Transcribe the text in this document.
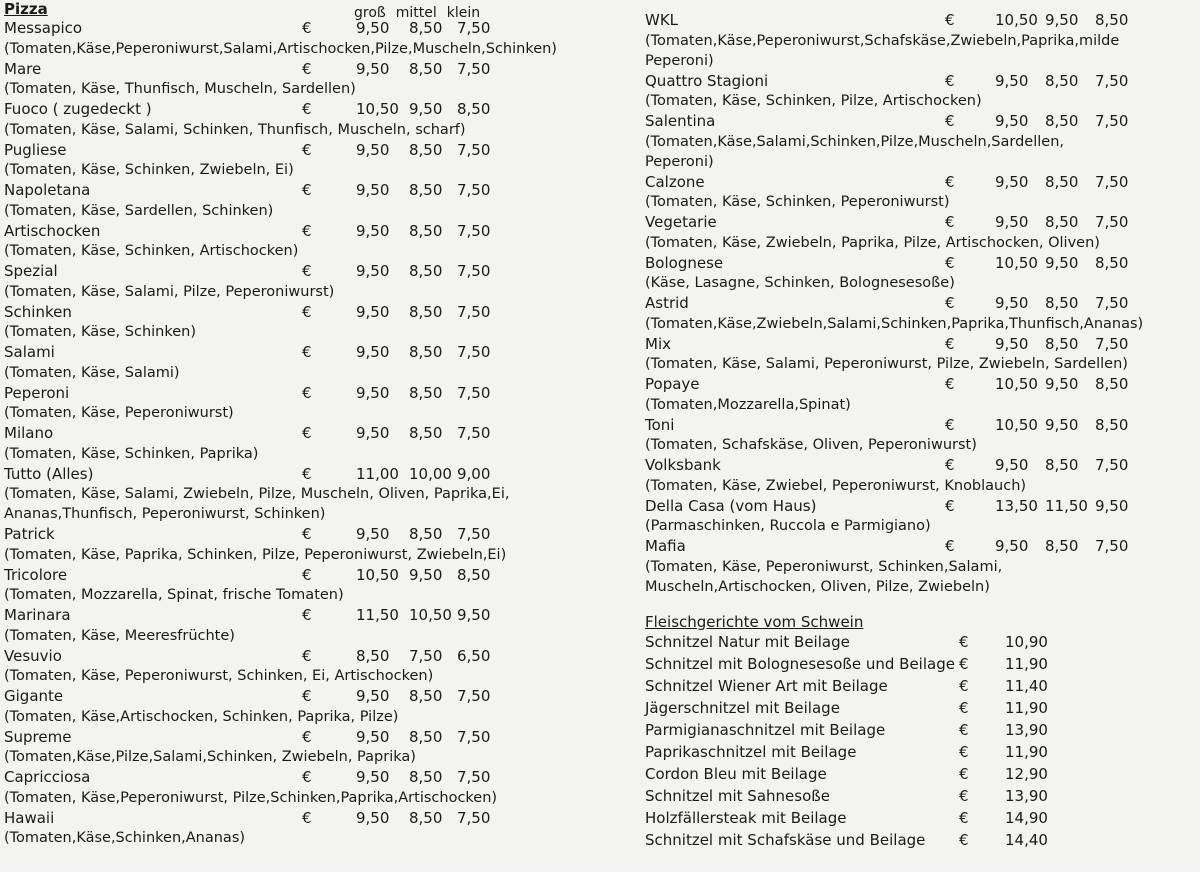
Pizza	groß mittel klein
Messapico	€	9,50 8,50 7,50
(Tomaten,Käse,Peperoniwurst,Salami,Artischocken,Pilze,Muscheln,Schinken)
Mare	€	9,50 8,50 7,50
(Tomaten, Käse, Thunfisch, Muscheln, Sardellen)
Fuoco ( zugedeckt )	€	10,50 9,50 8,50
(Tomaten, Käse, Salami, Schinken, Thunfisch, Muscheln, scharf)
Pugliese	€	9,50 8,50 7,50
(Tomaten, Käse, Schinken, Zwiebeln, Ei)
Napoletana	€	9,50 8,50 7,50
(Tomaten, Käse, Sardellen, Schinken)
Artischocken	€	9,50 8,50 7,50
(Tomaten, Käse, Schinken, Artischocken)
Spezial	€	9,50 8,50 7,50
(Tomaten, Käse, Salami, Pilze, Peperoniwurst)
Schinken	€	9,50 8,50 7,50
(Tomaten, Käse, Schinken)
Salami	€	9,50 8,50 7,50
(Tomaten, Käse, Salami)
Peperoni	€	9,50 8,50 7,50
(Tomaten, Käse, Peperoniwurst)
Milano	€	9,50 8,50 7,50
(Tomaten, Käse, Schinken, Paprika)
Tutto (Alles)	€	11,00 10,00 9,00
(Tomaten, Käse, Salami, Zwiebeln, Pilze, Muscheln, Oliven, Paprika,Ei,
Ananas,Thunfisch, Peperoniwurst, Schinken)
Patrick	€	9,50 8,50 7,50
(Tomaten, Käse, Paprika, Schinken, Pilze, Peperoniwurst, Zwiebeln,Ei)
Tricolore	€	10,50 9,50 8,50
(Tomaten, Mozzarella, Spinat, frische Tomaten)
Marinara	€	11,50 10,50 9,50
(Tomaten, Käse, Meeresfrüchte)
Vesuvio	€	8,50 7,50 6,50
(Tomaten, Käse, Peperoniwurst, Schinken, Ei, Artischocken)
Gigante	€	9,50 8,50 7,50
(Tomaten, Käse,Artischocken, Schinken, Paprika, Pilze)
Supreme	€	9,50 8,50 7,50
(Tomaten,Käse,Pilze,Salami,Schinken, Zwiebeln, Paprika)
Capricciosa	€	9,50 8,50 7,50
(Tomaten, Käse,Peperoniwurst, Pilze,Schinken,Paprika,Artischocken)
Hawaii	€	9,50 8,50 7,50
(Tomaten,Käse,Schinken,Ananas)
WKL	€	10,50 9,50 8,50
(Tomaten,Käse,Peperoniwurst,Schafskäse,Zwiebeln,Paprika,milde
Peperoni)
Quattro Stagioni	€	9,50 8,50 7,50
(Tomaten, Käse, Schinken, Pilze, Artischocken)
Salentina	€	9,50 8,50 7,50
(Tomaten,Käse,Salami,Schinken,Pilze,Muscheln,Sardellen,
Peperoni)
Calzone	€	9,50 8,50 7,50
(Tomaten, Käse, Schinken, Peperoniwurst)
Vegetarie	€	9,50 8,50 7,50
(Tomaten, Käse, Zwiebeln, Paprika, Pilze, Artischocken, Oliven)
Bolognese	€	10,50 9,50 8,50
(Käse, Lasagne, Schinken, Bolognesesoße)
Astrid	€	9,50 8,50 7,50
(Tomaten,Käse,Zwiebeln,Salami,Schinken,Paprika,Thunfisch,Ananas)
Mix	€	9,50 8,50 7,50
(Tomaten, Käse, Salami, Peperoniwurst, Pilze, Zwiebeln, Sardellen)
Popaye	€	10,50 9,50 8,50
(Tomaten,Mozzarella,Spinat)
Toni	€	10,50 9,50 8,50
(Tomaten, Schafskäse, Oliven, Peperoniwurst)
Volksbank	€	9,50 8,50 7,50
(Tomaten, Käse, Zwiebel, Peperoniwurst, Knoblauch)
Della Casa (vom Haus)	€	13,50 11,50 9,50
(Parmaschinken, Ruccola e Parmigiano)
Mafia	€	9,50 8,50 7,50
(Tomaten, Käse, Peperoniwurst, Schinken,Salami,
Muscheln,Artischocken, Oliven, Pilze, Zwiebeln)
Fleischgerichte vom Schwein
Schnitzel Natur mit Beilage	€ 10,90
Schnitzel mit Bolognesesoße und Beilage € 11,90
Schnitzel Wiener Art mit Beilage	€ 11,40
Jägerschnitzel mit Beilage	€ 11,90
Parmigianaschnitzel mit Beilage	€ 13,90
Paprikaschnitzel mit Beilage	€ 11,90
Cordon Bleu mit Beilage	€ 12,90
Schnitzel mit Sahnesoße	€ 13,90
Holzfällersteak mit Beilage	€ 14,90
Schnitzel mit Schafskäse und Beilage € 14,40
